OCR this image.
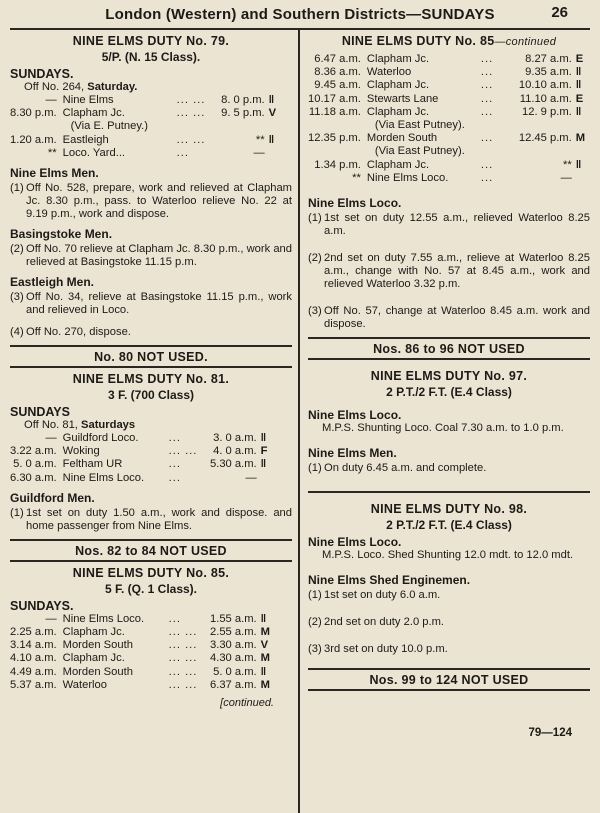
London (Western) and Southern Districts—SUNDAYS	26
NINE ELMS DUTY No. 79.
5/P. (N. 15 Class).
SUNDAYS.
Off No. 264, Saturday.
—	Nine Elms	... ...	8. 0 p.m.	‖
8.30 p.m.	Clapham Jc.	... ...	9. 5 p.m.	V
	(Via E. Putney.)			
1.20 a.m.	Eastleigh	... ...	**	‖
**	Loco. Yard...	...	—	
Nine Elms Men.
(1) Off No. 528, prepare, work and relieved at Clapham Jc. 8.30 p.m., pass. to Waterloo relieve No. 22 at 9.19 p.m., work and dispose.
Basingstoke Men.
(2) Off No. 70 relieve at Clapham Jc. 8.30 p.m., work and relieved at Basingstoke 11.15 p.m.
Eastleigh Men.
(3) Off No. 34, relieve at Basingstoke 11.15 p.m., work and relieved in Loco.
(4) Off No. 270, dispose.
No. 80 NOT USED.
NINE ELMS DUTY No. 81.
3 F. (700 Class)
SUNDAYS
Off No. 81, Saturdays
—	Guildford Loco.	...	3. 0 a.m.	‖
3.22 a.m.	Woking	... ...	4. 0 a.m.	F
5. 0 a.m.	Feltham UR	...	5.30 a.m.	‖
6.30 a.m.	Nine Elms Loco.	...	—	
Guildford Men.
(1) 1st set on duty 1.50 a.m., work and dispose. and home passenger from Nine Elms.
Nos. 82 to 84 NOT USED
NINE ELMS DUTY No. 85.
5 F. (Q. 1 Class).
SUNDAYS.
—	Nine Elms Loco.	...	1.55 a.m.	‖
2.25 a.m.	Clapham Jc.	... ...	2.55 a.m.	M
3.14 a.m.	Morden South	... ...	3.30 a.m.	V
4.10 a.m.	Clapham Jc.	... ...	4.30 a.m.	M
4.49 a.m.	Morden South	... ...	5. 0 a.m.	‖
5.37 a.m.	Waterloo	... ...	6.37 a.m.	M
[continued.
NINE ELMS DUTY No. 85—continued
6.47 a.m.	Clapham Jc.	...	8.27 a.m.	E
8.36 a.m.	Waterloo	...	9.35 a.m.	‖
9.45 a.m.	Clapham Jc.	...	10.10 a.m.	‖
10.17 a.m.	Stewarts Lane	...	11.10 a.m.	E
11.18 a.m.	Clapham Jc.	...	12. 9 p.m.	‖
	(Via East Putney).			
12.35 p.m.	Morden South	...	12.45 p.m.	M
	(Via East Putney).			
1.34 p.m.	Clapham Jc.	...	**	‖
**	Nine Elms Loco.	...	—	
Nine Elms Loco.
(1) 1st set on duty 12.55 a.m., relieved Waterloo 8.25 a.m.
(2) 2nd set on duty 7.55 a.m., relieve at Waterloo 8.25 a.m., change with No. 57 at 8.45 a.m., work and relieved Waterloo 3.32 p.m.
(3) Off No. 57, change at Waterloo 8.45 a.m. work and dispose.
Nos. 86 to 96 NOT USED
NINE ELMS DUTY No. 97.
2 P.T./2 F.T. (E.4 Class)
Nine Elms Loco.
M.P.S. Shunting Loco. Coal 7.30 a.m. to 1.0 p.m.
Nine Elms Men.
(1) On duty 6.45 a.m. and complete.
NINE ELMS DUTY No. 98.
2 P.T./2 F.T. (E.4 Class)
Nine Elms Loco.
M.P.S. Loco. Shed Shunting 12.0 mdt. to 12.0 mdt.
Nine Elms Shed Enginemen.
(1) 1st set on duty 6.0 a.m.
(2) 2nd set on duty 2.0 p.m.
(3) 3rd set on duty 10.0 p.m.
Nos. 99 to 124 NOT USED
79—124
